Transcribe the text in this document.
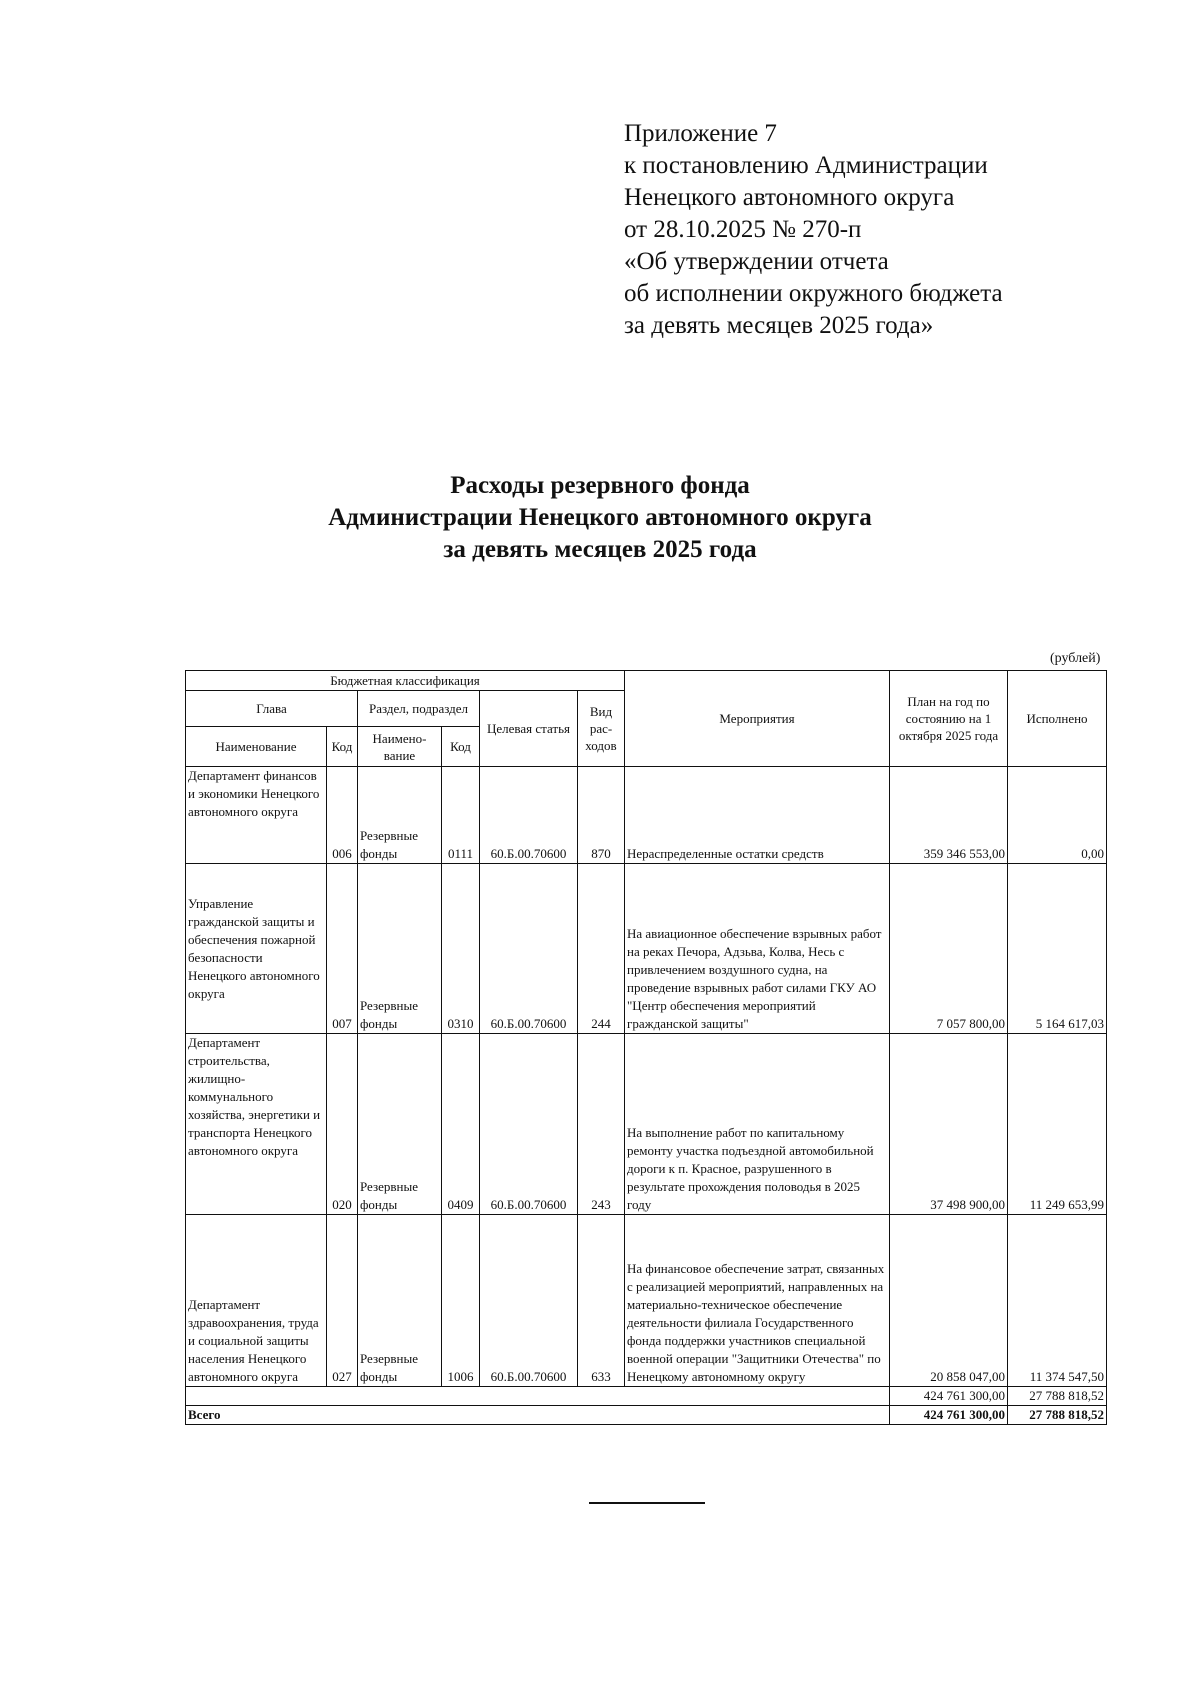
Приложение 7
к постановлению Администрации
Ненецкого автономного округа
от 28.10.2025 № 270-п
«Об утверждении отчета
об исполнении окружного бюджета
за девять месяцев 2025 года»
Расходы резервного фонда
Администрации Ненецкого автономного округа
за девять месяцев 2025 года
(рублей)
Бюджетная классификация						Мероприятия	План на год по состоянию на 1 октября 2025 года	Исполнено
Глава		Раздел, подраздел		Целевая статья	Вид рас-ходов			
Наименование	Код	Наимено-вание	Код					
Департамент финансов и экономики Ненецкого автономного округа	006	Резервные фонды	0111	60.Б.00.70600	870	Нераспределенные остатки средств	359 346 553,00	0,00
Управление гражданской защиты и обеспечения пожарной безопасности Ненецкого автономного округа	007	Резервные фонды	0310	60.Б.00.70600	244	На авиационное обеспечение взрывных работ на реках Печора, Адзьва, Колва, Несь с привлечением воздушного судна, на проведение взрывных работ силами ГКУ АО "Центр обеспечения мероприятий гражданской защиты"	7 057 800,00	5 164 617,03
Департамент строительства, жилищно-коммунального хозяйства, энергетики и транспорта Ненецкого автономного округа	020	Резервные фонды	0409	60.Б.00.70600	243	На выполнение работ по капитальному ремонту участка подъездной автомобильной дороги к п. Красное, разрушенного в результате прохождения половодья в 2025 году	37 498 900,00	11 249 653,99
Департамент здравоохранения, труда и социальной защиты населения Ненецкого автономного округа	027	Резервные фонды	1006	60.Б.00.70600	633	На финансовое обеспечение затрат, связанных с реализацией мероприятий, направленных на материально-техническое обеспечение деятельности филиала Государственного фонда поддержки участников специальной военной операции "Защитники Отечества" по Ненецкому автономному округу	20 858 047,00	11 374 547,50
							424 761 300,00	27 788 818,52
Всего							424 761 300,00	27 788 818,52
